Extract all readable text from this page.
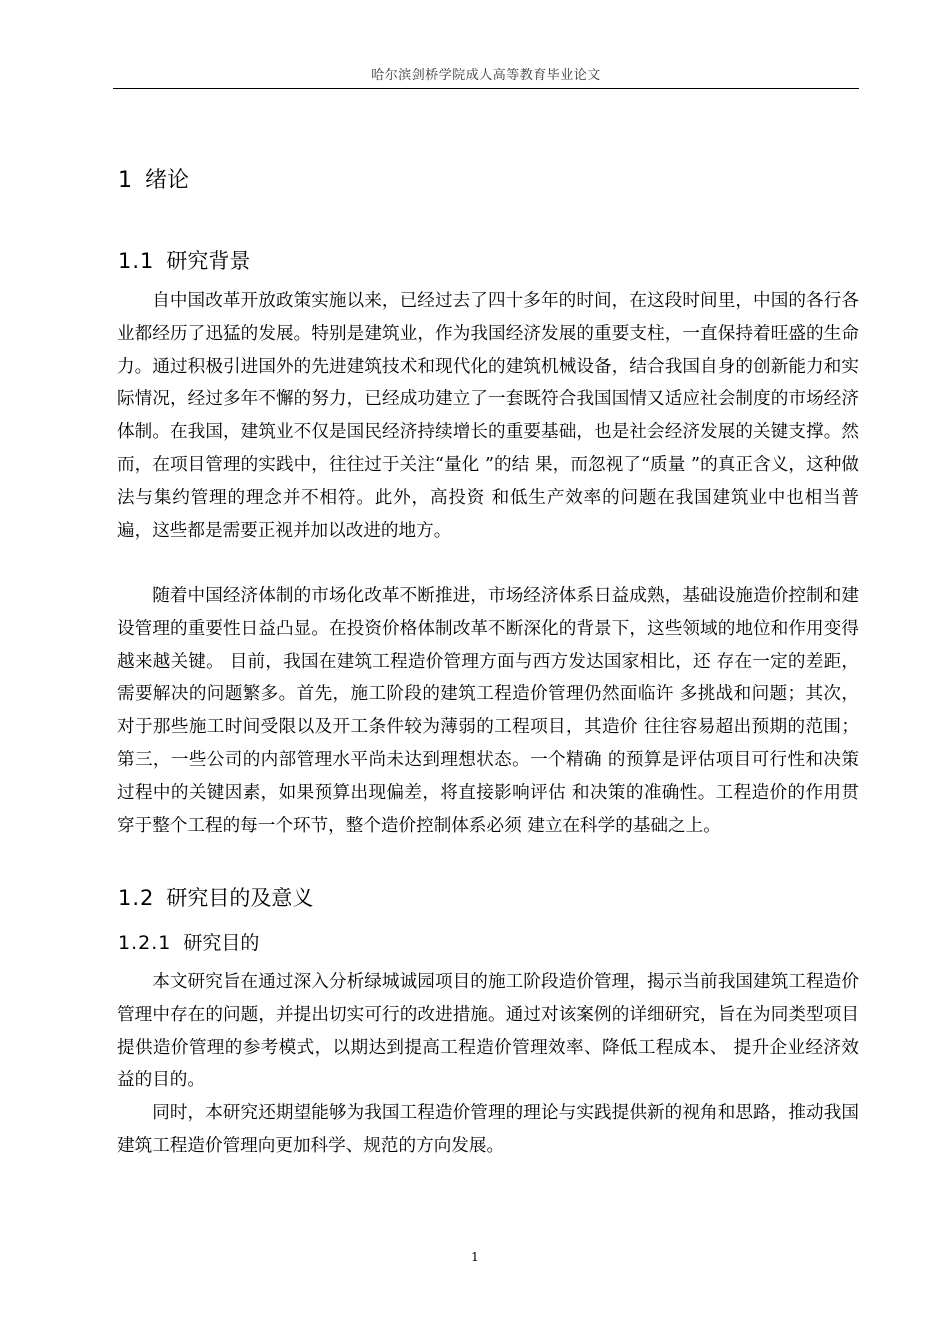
哈尔滨剑桥学院成人高等教育毕业论文
1 绪论
1.1 研究背景

自中国改革开放政策实施以来，已经过去了四十多年的时间，在这段时间里，中国的各行各业都经历了迅猛的发展。特别是建筑业，作为我国经济发展的重要支柱，一直保持着旺盛的生命力。通过积极引进国外的先进建筑技术和现代化的建筑机械设备，结合我国自身的创新能力和实际情况，经过多年不懈的努力，已经成功建立了一套既符合我国国情又适应社会制度的市场经济体制。在我国，建筑业不仅是国民经济持续增长的重要基础，也是社会经济发展的关键支撑。然而，在项目管理的实践中，往往过于关注“量化 ”的结 果，而忽视了“质量 ”的真正含义，这种做法与集约管理的理念并不相符。此外，高投资 和低生产效率的问题在我国建筑业中也相当普遍，这些都是需要正视并加以改进的地方。

随着中国经济体制的市场化改革不断推进，市场经济体系日益成熟，基础设施造价控制和建设管理的重要性日益凸显。在投资价格体制改革不断深化的背景下，这些领域的地位和作用变得越来越关键。 目前，我国在建筑工程造价管理方面与西方发达国家相比，还 存在一定的差距，需要解决的问题繁多。首先，施工阶段的建筑工程造价管理仍然面临许 多挑战和问题；其次，对于那些施工时间受限以及开工条件较为薄弱的工程项目，其造价 往往容易超出预期的范围；第三，一些公司的内部管理水平尚未达到理想状态。一个精确 的预算是评估项目可行性和决策过程中的关键因素，如果预算出现偏差，将直接影响评估 和决策的准确性。工程造价的作用贯穿于整个工程的每一个环节，整个造价控制体系必须 建立在科学的基础之上。

1.2 研究目的及意义
1.2.1 研究目的

本文研究旨在通过深入分析绿城诚园项目的施工阶段造价管理，揭示当前我国建筑工程造价管理中存在的问题，并提出切实可行的改进措施。通过对该案例的详细研究，旨在为同类型项目提供造价管理的参考模式，以期达到提高工程造价管理效率、降低工程成本、 提升企业经济效益的目的。

同时，本研究还期望能够为我国工程造价管理的理论与实践提供新的视角和思路，推动我国建筑工程造价管理向更加科学、规范的方向发展。

1
